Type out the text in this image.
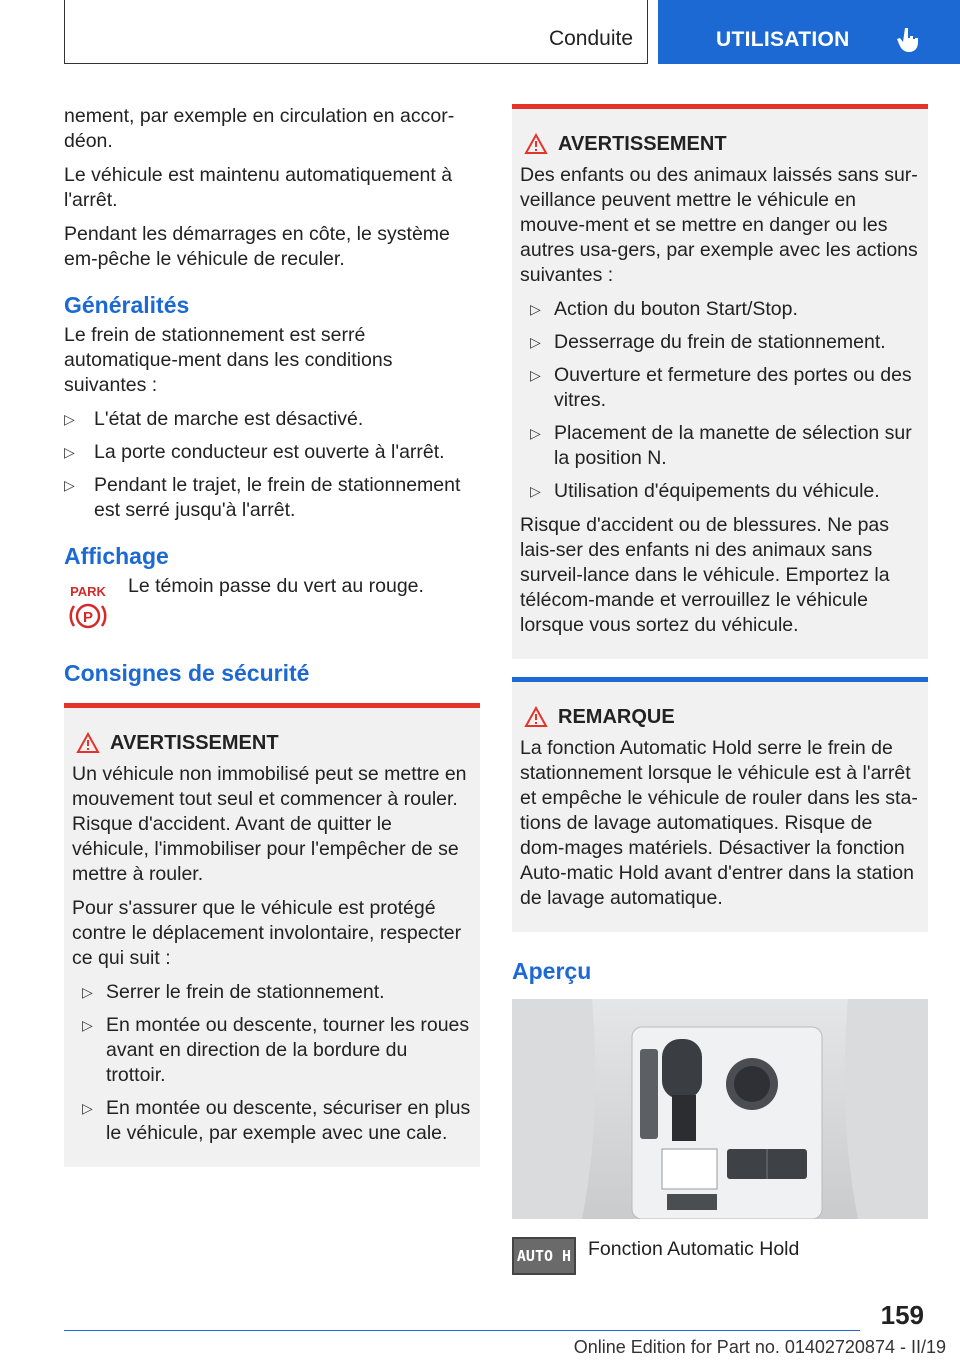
Conduite	UTILISATION

nement, par exemple en circulation en accor-déon.

Le véhicule est maintenu automatiquement à l'arrêt.

Pendant les démarrages en côte, le système em-pêche le véhicule de reculer.

Généralités

Le frein de stationnement est serré automatique-ment dans les conditions suivantes :

▷ L'état de marche est désactivé.
▷ La porte conducteur est ouverte à l'arrêt.
▷ Pendant le trajet, le frein de stationnement est serré jusqu'à l'arrêt.
Affichage
PARK
P

Le témoin passe du vert au rouge.

Consignes de sécurité
AVERTISSEMENT

Un véhicule non immobilisé peut se mettre en mouvement tout seul et commencer à rouler. Risque d'accident. Avant de quitter le véhicule, l'immobiliser pour l'empêcher de se mettre à rouler.

Pour s'assurer que le véhicule est protégé contre le déplacement involontaire, respecter ce qui suit :

▷ Serrer le frein de stationnement.
▷ En montée ou descente, tourner les roues avant en direction de la bordure du trottoir.
▷ En montée ou descente, sécuriser en plus le véhicule, par exemple avec une cale.
AVERTISSEMENT

Des enfants ou des animaux laissés sans sur-veillance peuvent mettre le véhicule en mouve-ment et se mettre en danger ou les autres usa-gers, par exemple avec les actions suivantes :

▷ Action du bouton Start/Stop.
▷ Desserrage du frein de stationnement.
▷ Ouverture et fermeture des portes ou des vitres.
▷ Placement de la manette de sélection sur la position N.
▷ Utilisation d'équipements du véhicule.

Risque d'accident ou de blessures. Ne pas lais-ser des enfants ni des animaux sans surveil-lance dans le véhicule. Emportez la télécom-mande et verrouillez le véhicule lorsque vous sortez du véhicule.

REMARQUE

La fonction Automatic Hold serre le frein de stationnement lorsque le véhicule est à l'arrêt et empêche le véhicule de rouler dans les sta-tions de lavage automatiques. Risque de dom-mages matériels. Désactiver la fonction Auto-matic Hold avant d'entrer dans la station de lavage automatique.

Aperçu
AUTO H Fonction Automatic Hold

159
Online Edition for Part no. 01402720874 - II/19
